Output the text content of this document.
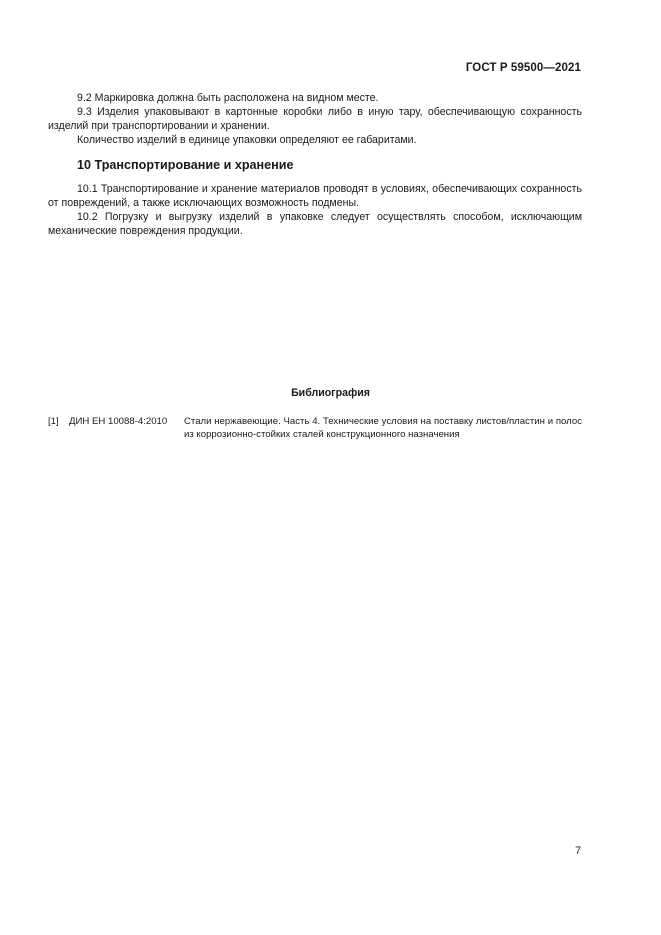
ГОСТ Р 59500—2021

9.2 Маркировка должна быть расположена на видном месте.

9.3 Изделия упаковывают в картонные коробки либо в иную тару, обеспечивающую сохранность изделий при транспортировании и хранении.

Количество изделий в единице упаковки определяют ее габаритами.

10 Транспортирование и хранение

10.1 Транспортирование и хранение материалов проводят в условиях, обеспечивающих сохранность от повреждений, а также исключающих возможность подмены.

10.2 Погрузку и выгрузку изделий в упаковке следует осуществлять способом, исключающим механические повреждения продукции.

Библиография
[1] ДИН ЕН 10088-4:2010 Стали нержавеющие. Часть 4. Технические условия на поставку листов/пластин и полос из коррозионно-стойких сталей конструкционного назначения
7
